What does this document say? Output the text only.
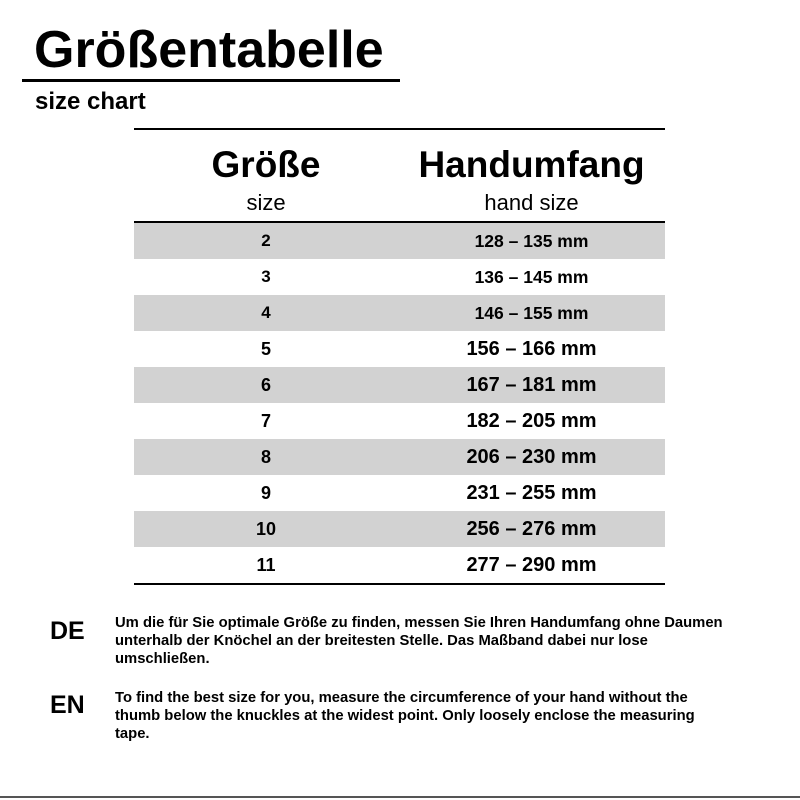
Größentabelle
size chart
Größe
size
Handumfang
hand size
2	128 – 135 mm
3	136 – 145 mm
4	146 – 155 mm
5	156 – 166 mm
6	167 – 181 mm
7	182 – 205 mm
8	206 – 230 mm
9	231 – 255 mm
10	256 – 276 mm
11	277 – 290 mm
DE Um die für Sie optimale Größe zu finden, messen Sie Ihren Handumfang ohne Daumen
unterhalb der Knöchel an der breitesten Stelle. Das Maßband dabei nur lose
umschließen.
EN To find the best size for you, measure the circumference of your hand without the
thumb below the knuckles at the widest point. Only loosely enclose the measuring
tape.
